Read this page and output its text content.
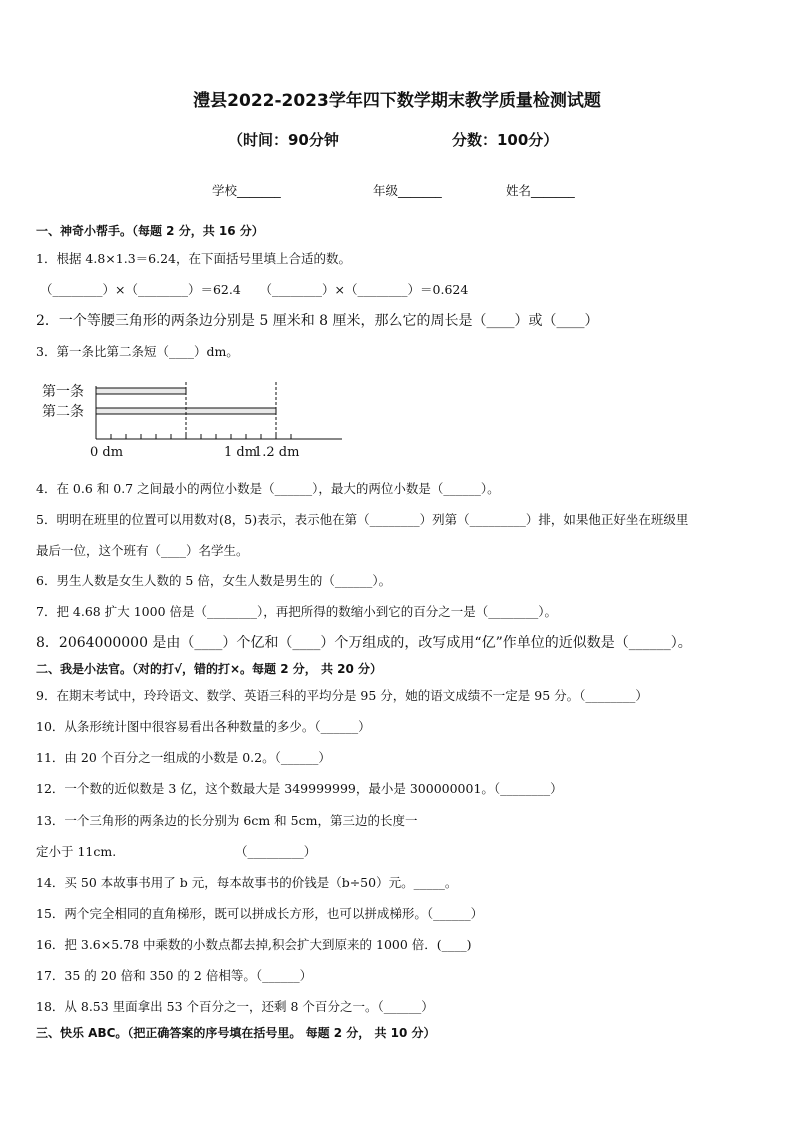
澧县2022-2023学年四下数学期末教学质量检测试题
（时间：90分钟	分数：100分）
学校_______	年级_______	姓名_______
一、神奇小帮手。（每题 2 分，共 16 分）
1．根据 4.8×1.3＝6.24，在下面括号里填上合适的数。
（________）×（________）＝62.4　　（________）×（________）＝0.624
2．一个等腰三角形的两条边分别是 5 厘米和 8 厘米，那么它的周长是（____）或（____）
3．第一条比第二条短（____）dm。
第一条
第二条
0 dm	1 dm
1.2 dm
4．在 0.6 和 0.7 之间最小的两位小数是（______），最大的两位小数是（______）。
5．明明在班里的位置可以用数对(8，5)表示，表示他在第（________）列第（_________）排，如果他正好坐在班级里
最后一位，这个班有（____）名学生。
6．男生人数是女生人数的 5 倍，女生人数是男生的（______）。
7．把 4.68 扩大 1000 倍是（________），再把所得的数缩小到它的百分之一是（________）。
8．2064000000 是由（____）个亿和（____）个万组成的，改写成用“亿”作单位的近似数是（______）。
二、我是小法官。（对的打√，错的打×。每题 2 分， 共 20 分）
9．在期末考试中，玲玲语文、数学、英语三科的平均分是 95 分，她的语文成绩不一定是 95 分。（________）
10．从条形统计图中很容易看出各种数量的多少。（______）
11．由 20 个百分之一组成的小数是 0.2。（______）
12．一个数的近似数是 3 亿，这个数最大是 349999999，最小是 300000001。（________）
13．一个三角形的两条边的长分别为 6cm 和 5cm，第三边的长度一
定小于 11cm.　　　　　　　　　　（_________）
14．买 50 本故事书用了 b 元，每本故事书的价钱是（b÷50）元。_____。
15．两个完全相同的直角梯形，既可以拼成长方形，也可以拼成梯形。（______）
16．把 3.6×5.78 中乘数的小数点都去掉,积会扩大到原来的 1000 倍．(____)
17．35 的 20 倍和 350 的 2 倍相等。（______）
18．从 8.53 里面拿出 53 个百分之一，还剩 8 个百分之一。（______）
三、快乐 ABC。（把正确答案的序号填在括号里。 每题 2 分， 共 10 分）
